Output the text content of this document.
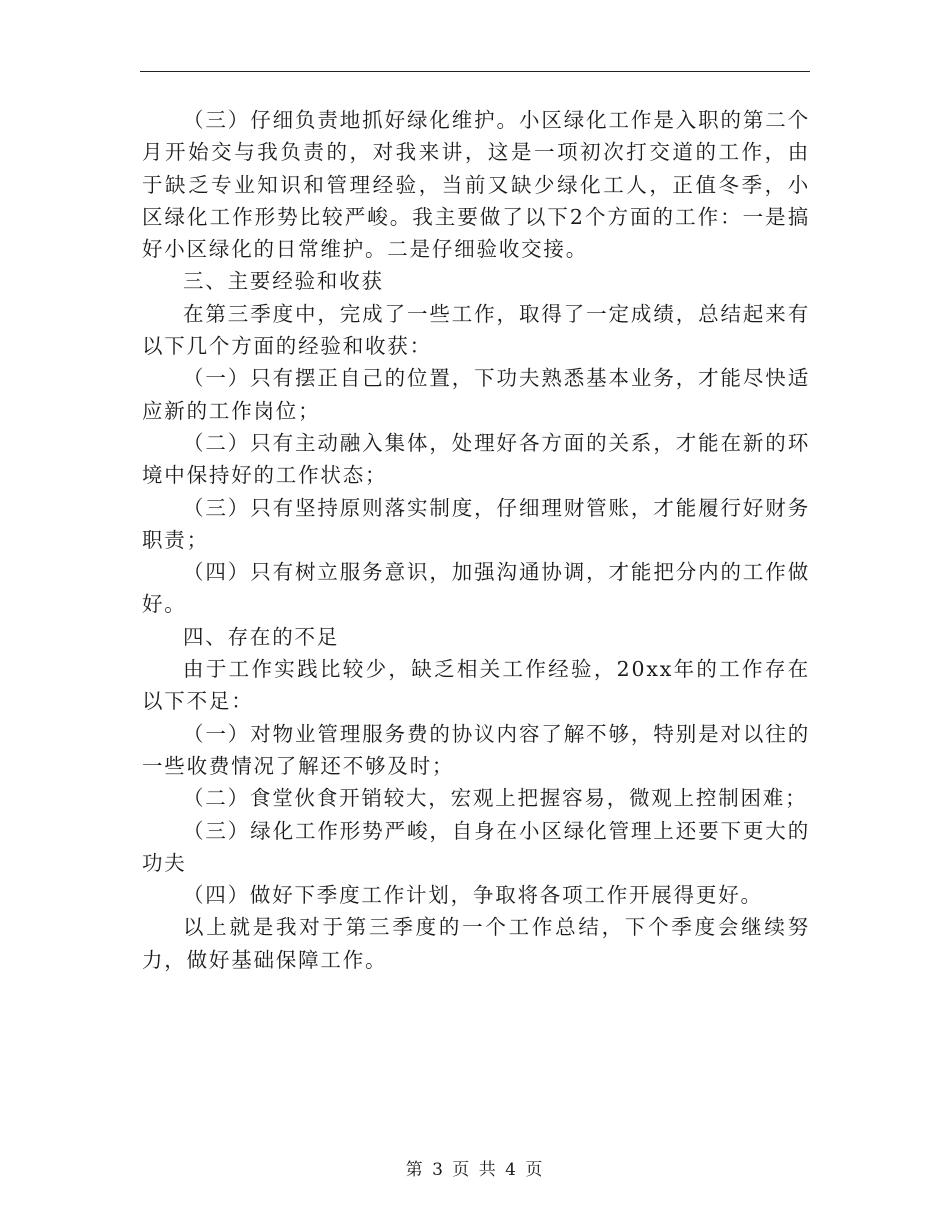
（三）仔细负责地抓好绿化维护。小区绿化工作是入职的第二个月开始交与我负责的，对我来讲，这是一项初次打交道的工作，由于缺乏专业知识和管理经验，当前又缺少绿化工人，正值冬季，小区绿化工作形势比较严峻。我主要做了以下2个方面的工作：一是搞好小区绿化的日常维护。二是仔细验收交接。

三、主要经验和收获

在第三季度中，完成了一些工作，取得了一定成绩，总结起来有以下几个方面的经验和收获：

（一）只有摆正自己的位置，下功夫熟悉基本业务，才能尽快适应新的工作岗位；

（二）只有主动融入集体，处理好各方面的关系，才能在新的环境中保持好的工作状态；

（三）只有坚持原则落实制度，仔细理财管账，才能履行好财务职责；

（四）只有树立服务意识，加强沟通协调，才能把分内的工作做好。

四、存在的不足

由于工作实践比较少，缺乏相关工作经验，20xx年的工作存在以下不足：

（一）对物业管理服务费的协议内容了解不够，特别是对以往的一些收费情况了解还不够及时；

（二）食堂伙食开销较大，宏观上把握容易，微观上控制困难；

（三）绿化工作形势严峻，自身在小区绿化管理上还要下更大的功夫

（四）做好下季度工作计划，争取将各项工作开展得更好。

以上就是我对于第三季度的一个工作总结，下个季度会继续努力，做好基础保障工作。

第 3 页 共 4 页
